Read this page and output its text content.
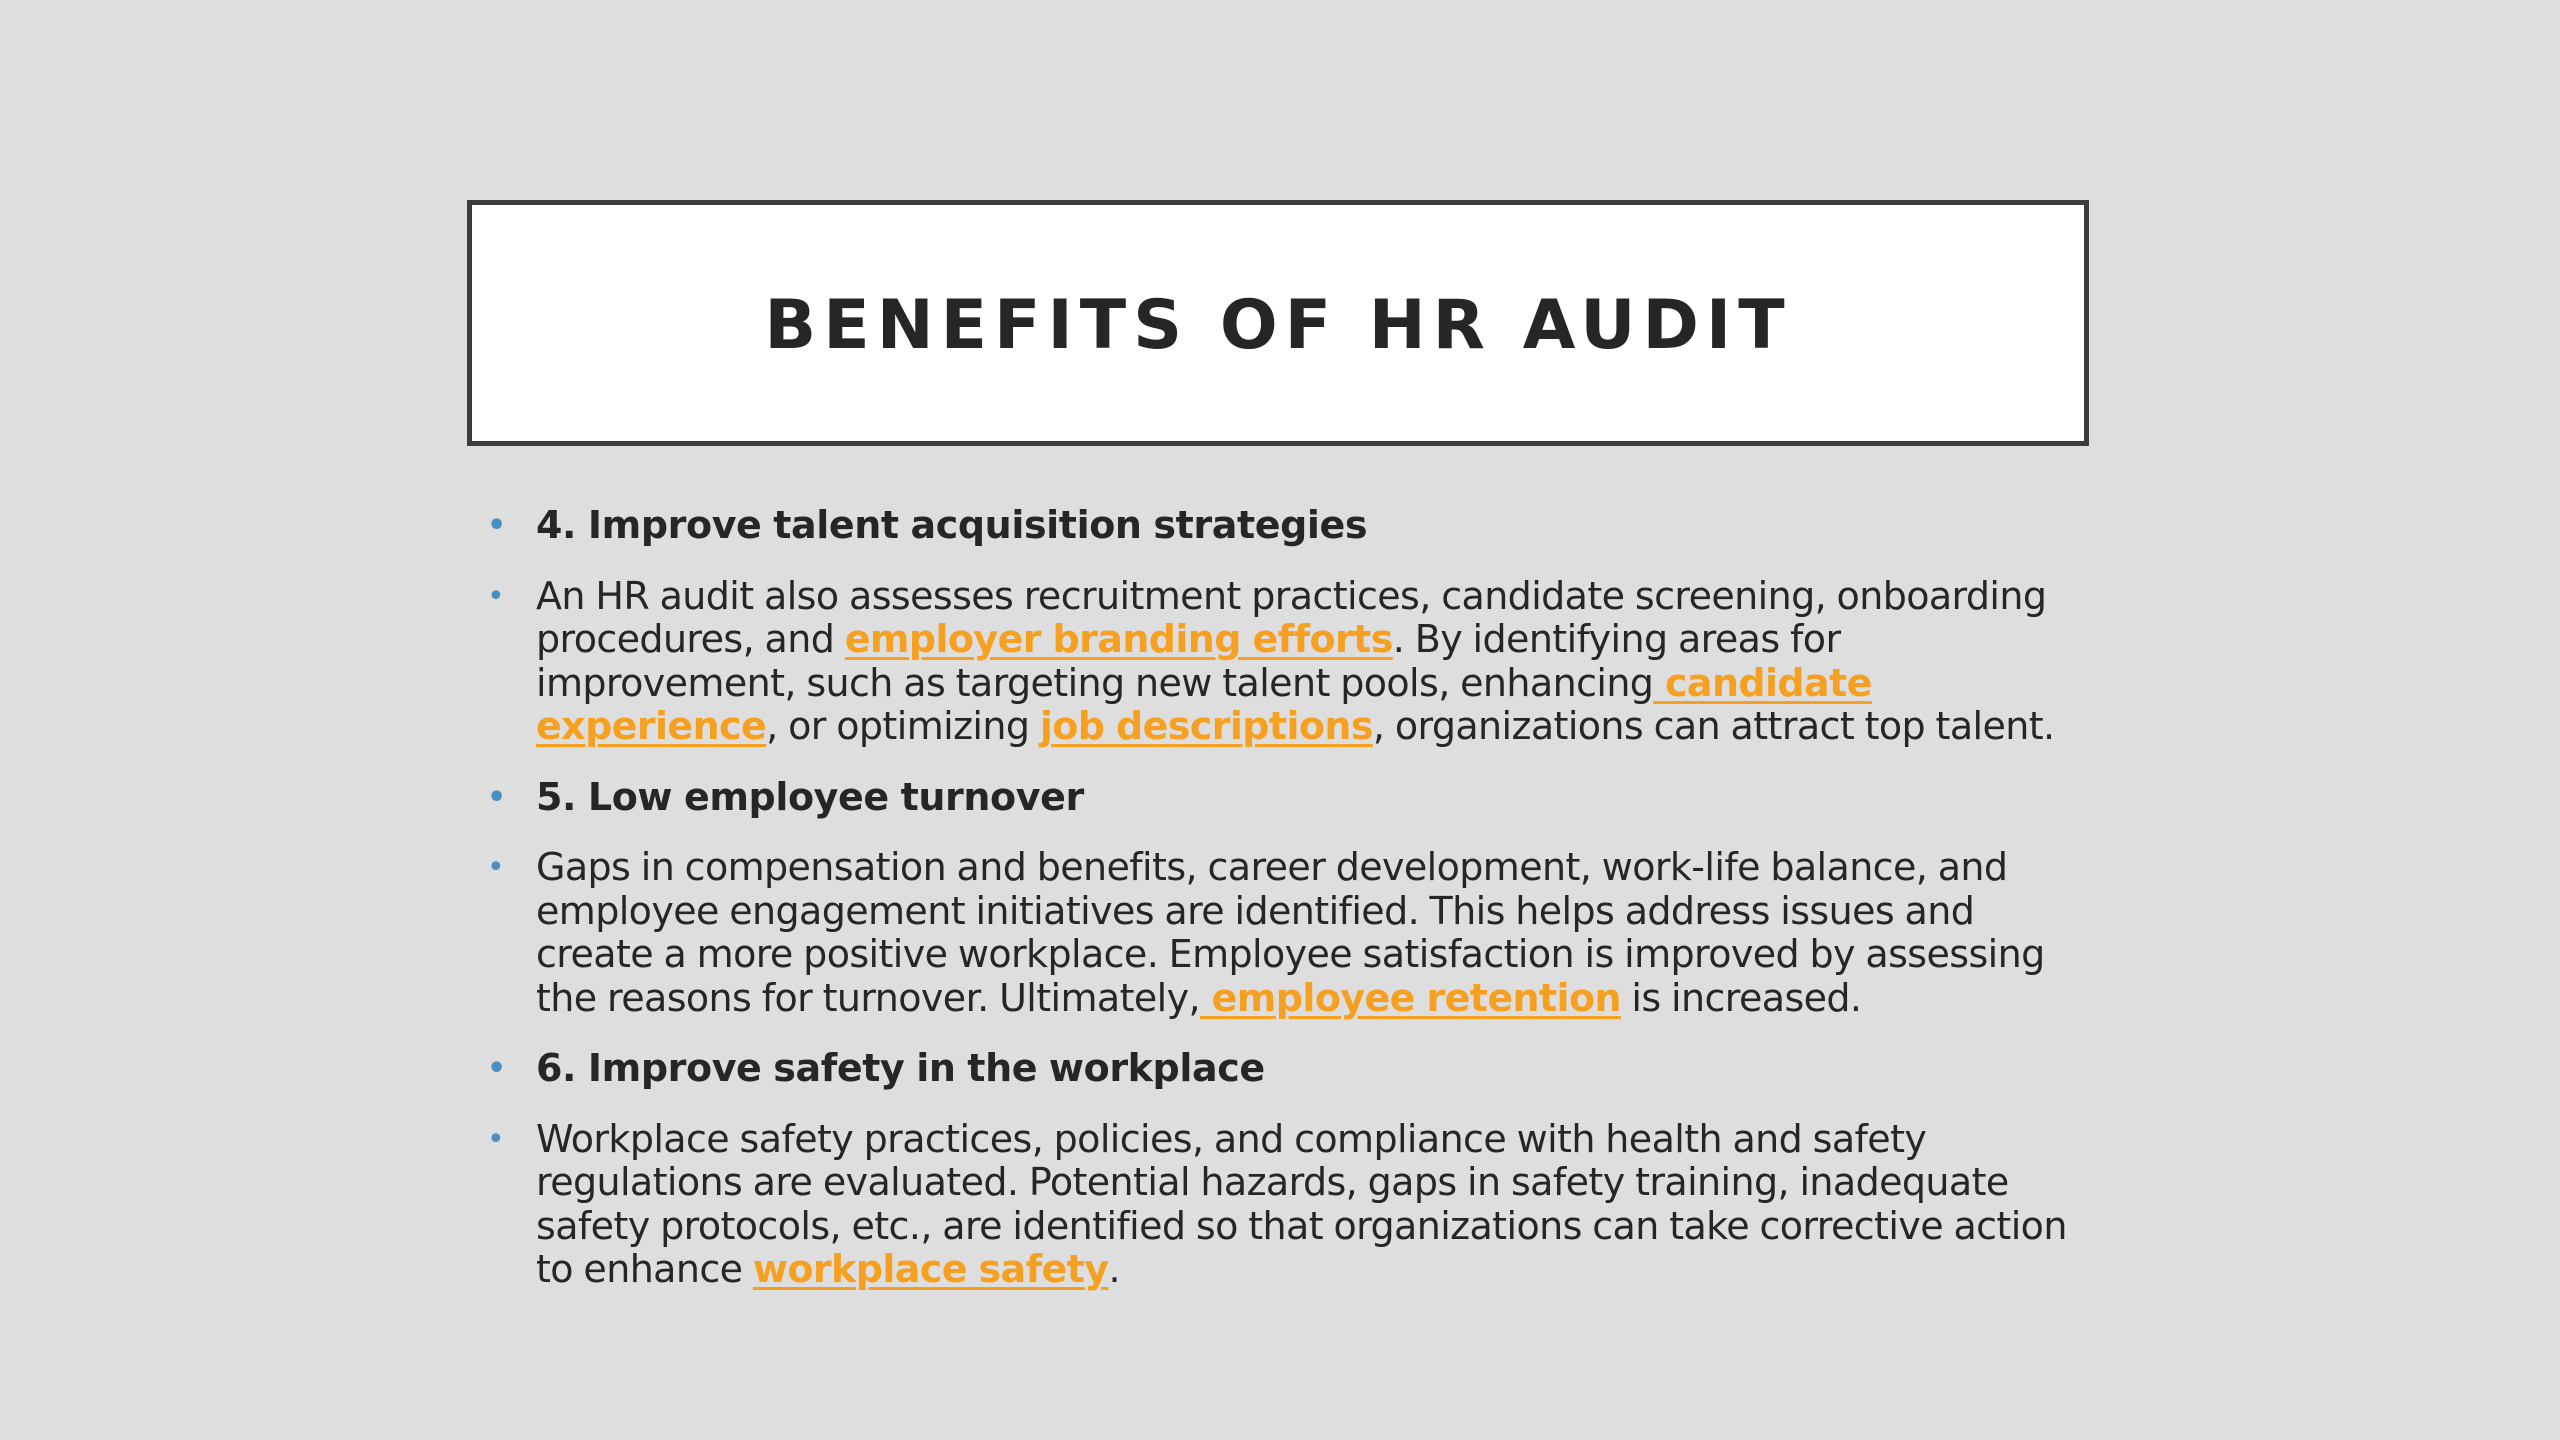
BENEFITS OF HR AUDIT
• 4. Improve talent acquisition strategies
• An HR audit also assesses recruitment practices, candidate screening, onboarding procedures, and employer branding efforts. By identifying areas for improvement, such as targeting new talent pools, enhancing candidate experience, or optimizing job descriptions, organizations can attract top talent.
• 5. Low employee turnover
• Gaps in compensation and benefits, career development, work-life balance, and employee engagement initiatives are identified. This helps address issues and create a more positive workplace. Employee satisfaction is improved by assessing the reasons for turnover. Ultimately, employee retention is increased.
• 6. Improve safety in the workplace
• Workplace safety practices, policies, and compliance with health and safety regulations are evaluated. Potential hazards, gaps in safety training, inadequate safety protocols, etc., are identified so that organizations can take corrective action to enhance workplace safety.
